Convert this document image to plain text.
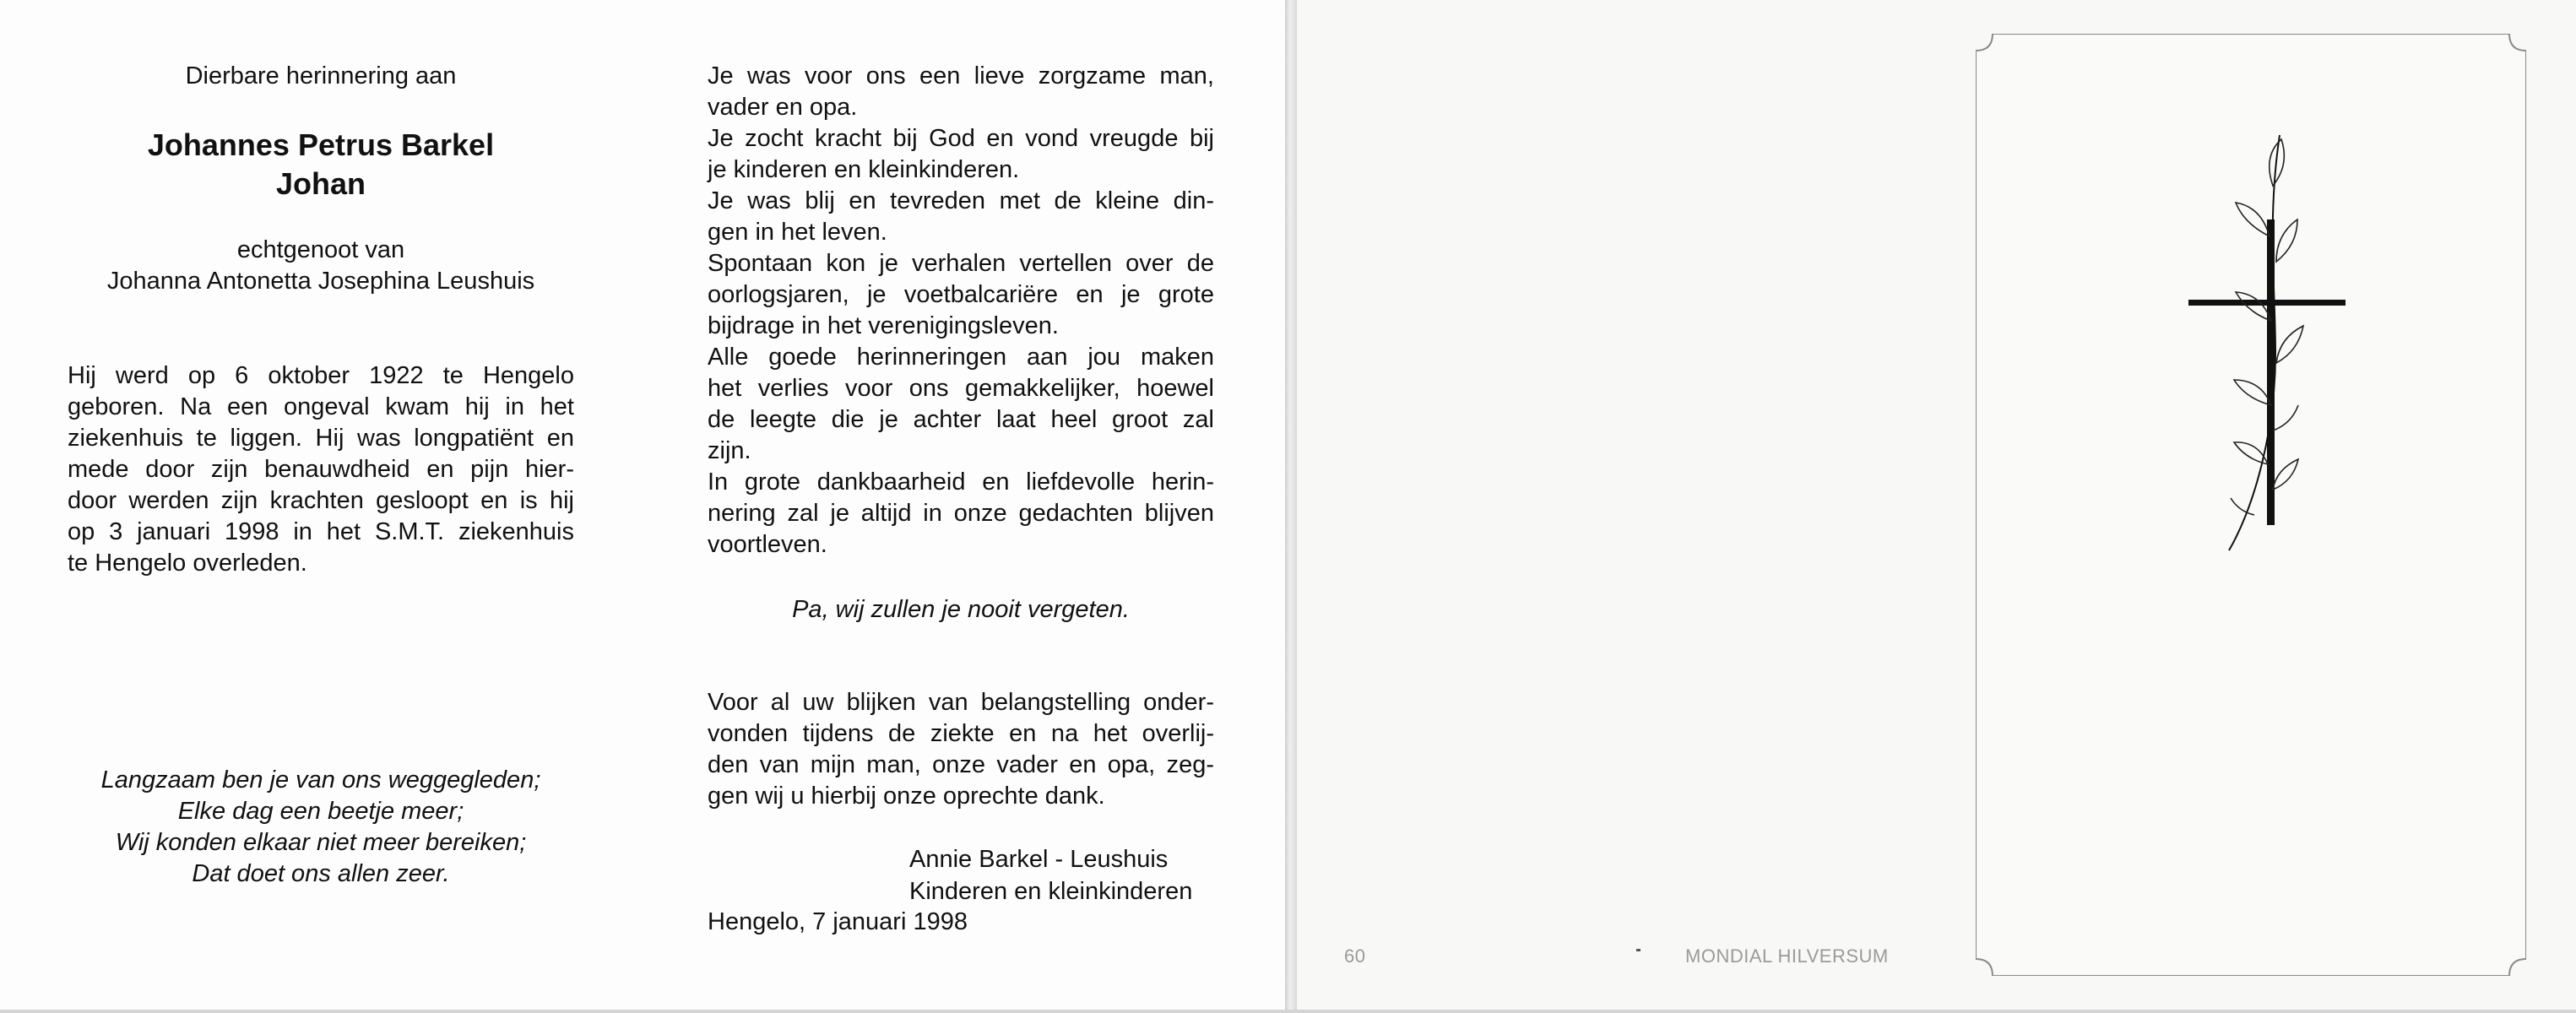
Dierbare herinnering aan
Johannes Petrus Barkel
Johan
echtgenoot van
Johanna Antonetta Josephina Leushuis
Hij werd op 6 oktober 1922 te Hengelo
geboren. Na een ongeval kwam hij in het
ziekenhuis te liggen. Hij was longpatiënt en
mede door zijn benauwdheid en pijn hier-
door werden zijn krachten gesloopt en is hij
op 3 januari 1998 in het S.M.T. ziekenhuis
te Hengelo overleden.
Langzaam ben je van ons weggegleden;
Elke dag een beetje meer;
Wij konden elkaar niet meer bereiken;
Dat doet ons allen zeer.
Je was voor ons een lieve zorgzame man,
vader en opa.
Je zocht kracht bij God en vond vreugde bij
je kinderen en kleinkinderen.
Je was blij en tevreden met de kleine din-
gen in het leven.
Spontaan kon je verhalen vertellen over de
oorlogsjaren, je voetbalcariëre en je grote
bijdrage in het verenigingsleven.
Alle goede herinneringen aan jou maken
het verlies voor ons gemakkelijker, hoewel
de leegte die je achter laat heel groot zal
zijn.
In grote dankbaarheid en liefdevolle herin-
nering zal je altijd in onze gedachten blijven
voortleven.
Pa, wij zullen je nooit vergeten.
Voor al uw blijken van belangstelling onder-
vonden tijdens de ziekte en na het overlij-
den van mijn man, onze vader en opa, zeg-
gen wij u hierbij onze oprechte dank.
Annie Barkel - Leushuis
Kinderen en kleinkinderen
Hengelo, 7 januari 1998
60	MONDIAL HILVERSUM
